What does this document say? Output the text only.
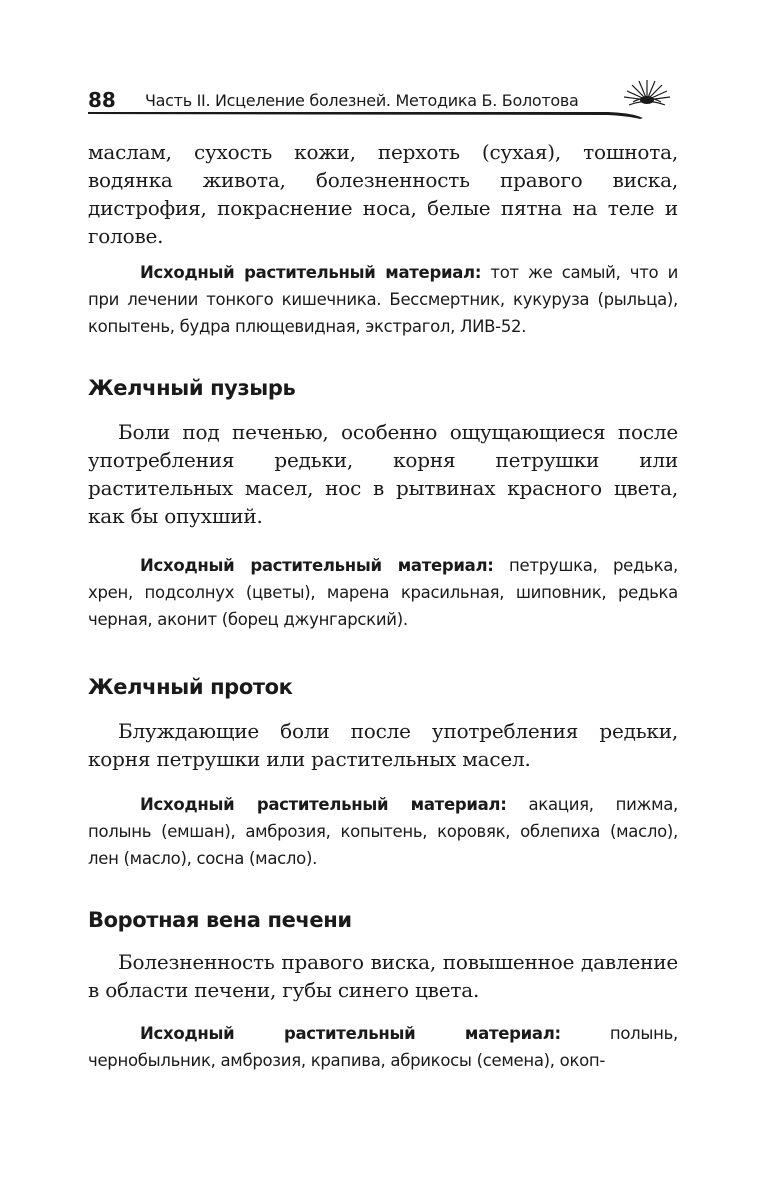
88 Часть II. Исцеление болезней. Методика Б. Болотова

маслам, сухость кожи, перхоть (сухая), тошнота, водянка живота, болезненность правого виска, дистрофия, покраснение носа, белые пятна на теле и голове.

Исходный растительный материал: тот же самый, что и при лечении тонкого кишечника. Бессмертник, кукуруза (рыльца), копытень, будра плющевидная, экстрагол, ЛИВ-52.

Желчный пузырь

Боли под печенью, особенно ощущающиеся после употребления редьки, корня петрушки или растительных масел, нос в рытвинах красного цвета, как бы опухший.

Исходный растительный материал: петрушка, редька, хрен, подсолнух (цветы), марена красильная, шиповник, редька черная, аконит (борец джунгарский).

Желчный проток

Блуждающие боли после употребления редьки, корня петрушки или растительных масел.

Исходный растительный материал: акация, пижма, полынь (емшан), амброзия, копытень, коровяк, облепиха (масло), лен (масло), сосна (масло).

Воротная вена печени

Болезненность правого виска, повышенное давление в области печени, губы синего цвета.

Исходный растительный материал: полынь, чернобыльник, амброзия, крапива, абрикосы (семена), окоп-
